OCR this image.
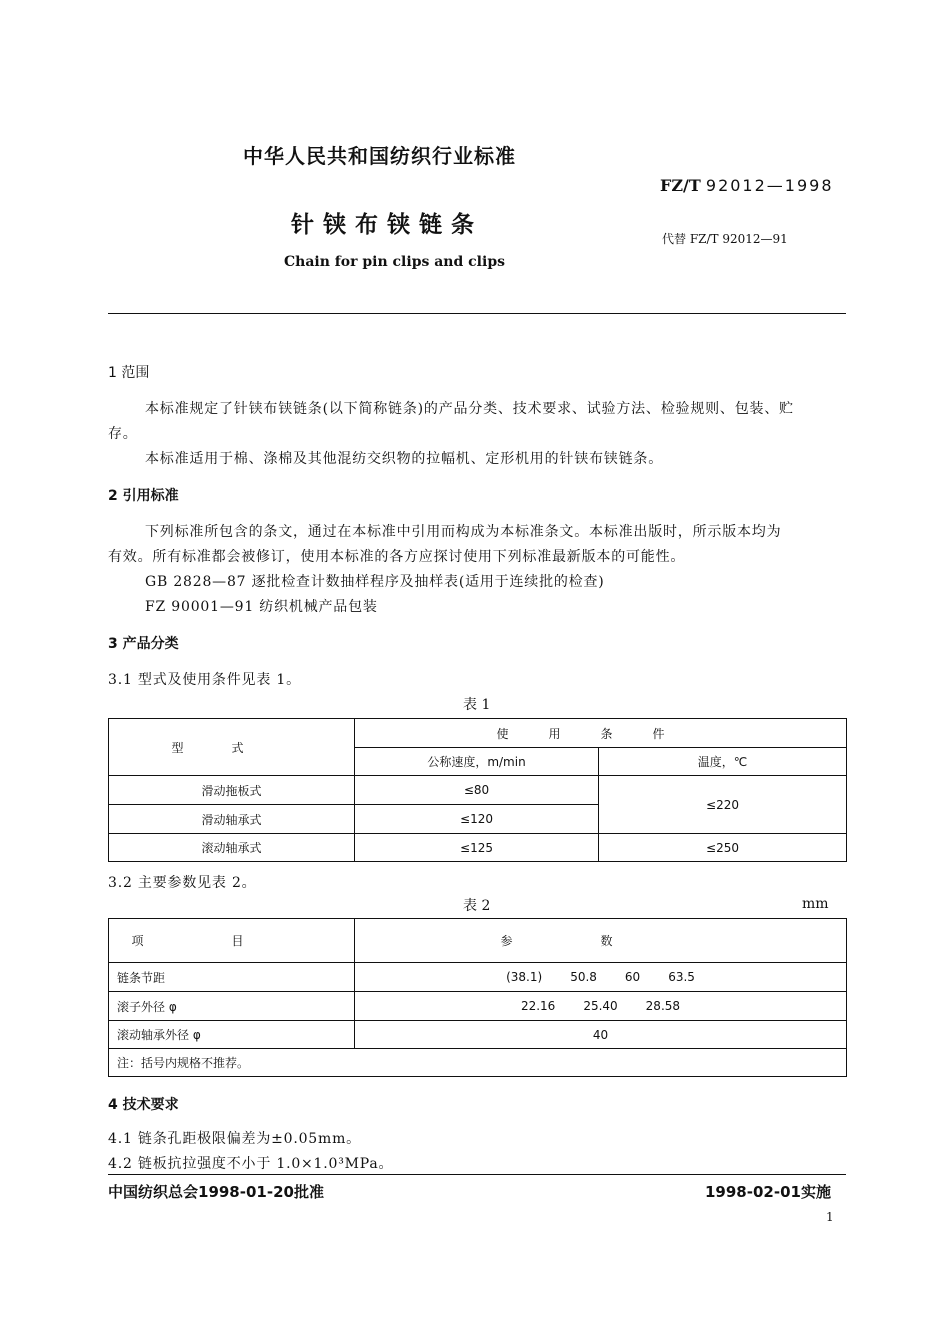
中华人民共和国纺织行业标准
FZ/T 92012—1998
针铗布铗链条
代替 FZ/T 92012—91
Chain for pin clips and clips
1 范围
本标准规定了针铗布铗链条(以下简称链条)的产品分类、技术要求、试验方法、检验规则、包装、贮
存。
本标准适用于棉、涤棉及其他混纺交织物的拉幅机、定形机用的针铗布铗链条。
2 引用标准
下列标准所包含的条文，通过在本标准中引用而构成为本标准条文。本标准出版时，所示版本均为
有效。所有标准都会被修订，使用本标准的各方应探讨使用下列标准最新版本的可能性。
GB 2828—87 逐批检查计数抽样程序及抽样表(适用于连续批的检查)
FZ 90001—91 纺织机械产品包装
3 产品分类
3.1 型式及使用条件见表 1。
表 1
型式	使用条件	
	公称速度，m/min	温度，℃
滑动拖板式	≤80	≤220
滑动轴承式	≤120	
滚动轴承式	≤125	≤250
3.2 主要参数见表 2。
表 2	mm
项目	参数
链条节距	(38.1) 50.8 60 63.5
滚子外径 φ	22.16 25.40 28.58
滚动轴承外径 φ	40
注：括号内规格不推荐。	
4 技术要求
4.1 链条孔距极限偏差为±0.05mm。
4.2 链板抗拉强度不小于 1.0×1.0³MPa。
中国纺织总会1998-01-20批准	1998-02-01实施
1
